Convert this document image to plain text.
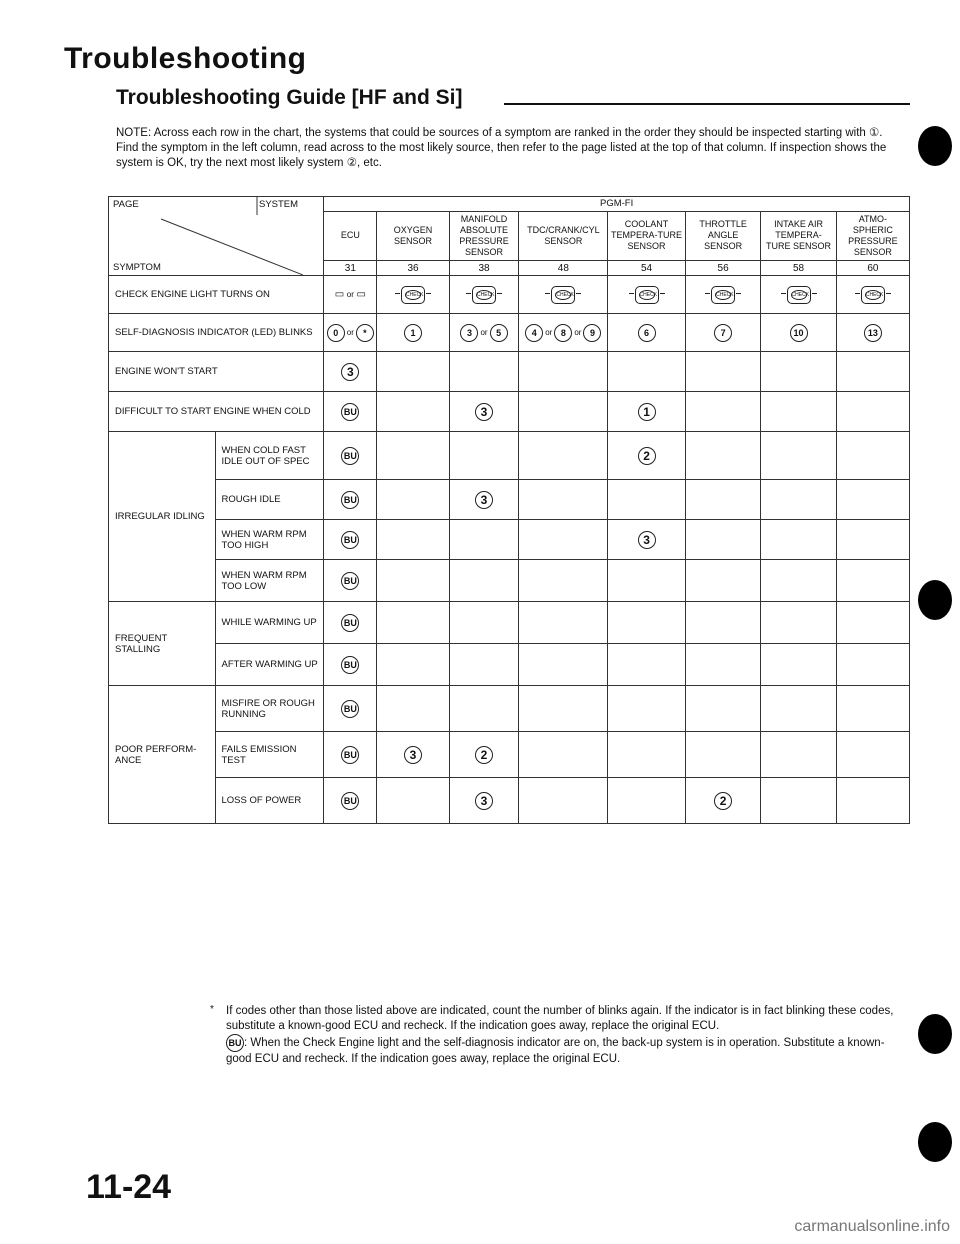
Troubleshooting
Troubleshooting Guide [HF and Si]
NOTE: Across each row in the chart, the systems that could be sources of a symptom are ranked in the order they should be inspected starting with ①. Find the symptom in the left column, read across to the most likely source, then refer to the page listed at the top of that column. If inspection shows the system is OK, try the next most likely system ②, etc.
PAGE SYSTEM
SYMPTOM		PGM-FI							
		ECU	OXYGEN SENSOR	MANIFOLD ABSOLUTE PRESSURE SENSOR	TDC/CRANK/CYL SENSOR	COOLANT TEMPERA-TURE SENSOR	THROTTLE ANGLE SENSOR	INTAKE AIR TEMPERA-TURE SENSOR	ATMO-SPHERIC PRESSURE SENSOR
		31	36	38	48	54	56	58	60
CHECK ENGINE LIGHT TURNS ON		▭ or ▭	CHECK	CHECK	CHECK	CHECK	CHECK	CHECK	CHECK

SELF-DIAGNOSIS INDICATOR (LED) BLINKS		0 or *	1	3 or 5	4 or 8 or 9	6	7	10	13
ENGINE WON'T START		3							
DIFFICULT TO START ENGINE WHEN COLD		BU		3		1			
IRREGULAR IDLING	WHEN COLD FAST IDLE OUT OF SPEC	BU				2			
	ROUGH IDLE	BU		3					
	WHEN WARM RPM TOO HIGH	BU				3			
	WHEN WARM RPM TOO LOW	BU							
FREQUENT STALLING	WHILE WARMING UP	BU							
	AFTER WARMING UP	BU							
POOR PERFORM-ANCE	MISFIRE OR ROUGH RUNNING	BU							
	FAILS EMISSION TEST	BU	3	2					
	LOSS OF POWER	BU		3			2		
* If codes other than those listed above are indicated, count the number of blinks again. If the indicator is in fact blinking these codes, substitute a known-good ECU and recheck. If the indication goes away, replace the original ECU.
BU : When the Check Engine light and the self-diagnosis indicator are on, the back-up system is in operation. Substitute a known-good ECU and recheck. If the indication goes away, replace the original ECU.
11-24
carmanualsonline.info
